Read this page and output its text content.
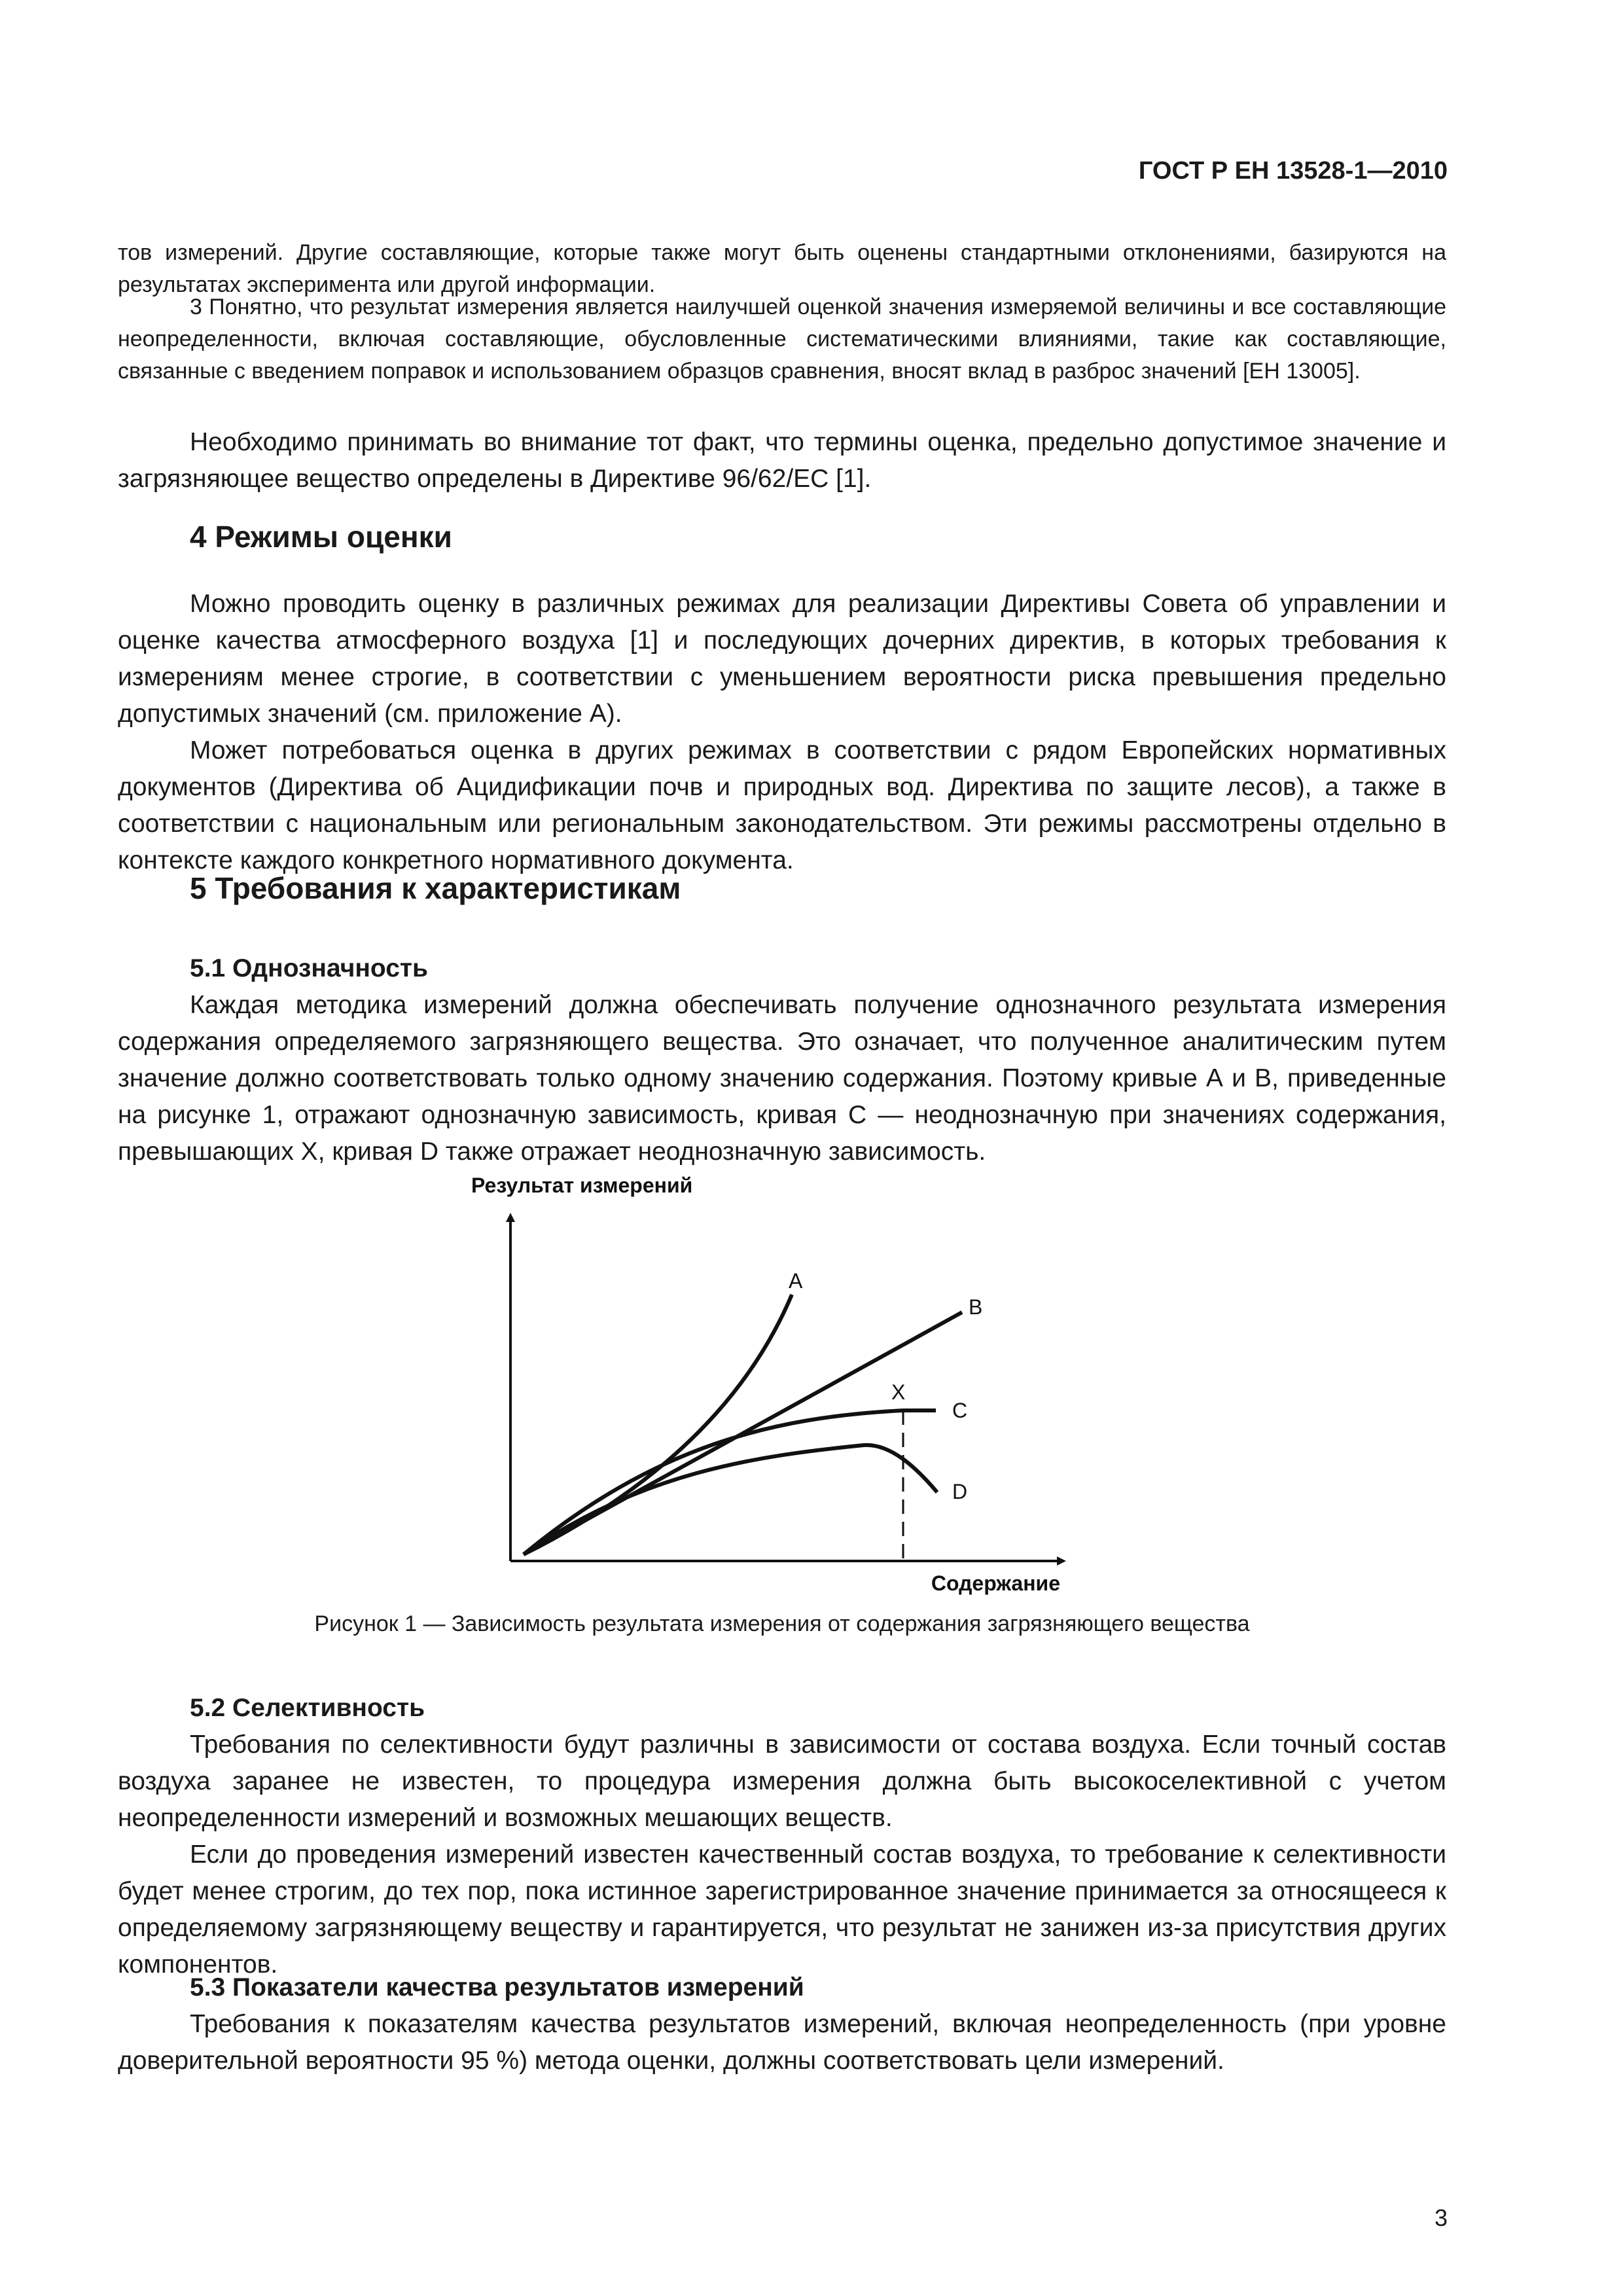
ГОСТ Р ЕН 13528-1—2010

тов измерений. Другие составляющие, которые также могут быть оценены стандартными отклонениями, базируются на результатах эксперимента или другой информации.

3 Понятно, что результат измерения является наилучшей оценкой значения измеряемой величины и все составляющие неопределенности, включая составляющие, обусловленные систематическими влияниями, такие как составляющие, связанные с введением поправок и использованием образцов сравнения, вносят вклад в разброс значений [ЕН 13005].

Необходимо принимать во внимание тот факт, что термины оценка, предельно допустимое значение и загрязняющее вещество определены в Директиве 96/62/ЕС [1].

4 Режимы оценки

Можно проводить оценку в различных режимах для реализации Директивы Совета об управлении и оценке качества атмосферного воздуха [1] и последующих дочерних директив, в которых требования к измерениям менее строгие, в соответствии с уменьшением вероятности риска превышения предельно допустимых значений (см. приложение А).

Может потребоваться оценка в других режимах в соответствии с рядом Европейских нормативных документов (Директива об Ацидификации почв и природных вод. Директива по защите лесов), а также в соответствии с национальным или региональным законодательством. Эти режимы рассмотрены отдельно в контексте каждого конкретного нормативного документа.

5 Требования к характеристикам
5.1 Однозначность

Каждая методика измерений должна обеспечивать получение однозначного результата измерения содержания определяемого загрязняющего вещества. Это означает, что полученное аналитическим путем значение должно соответствовать только одному значению содержания. Поэтому кривые А и В, приведенные на рисунке 1, отражают однозначную зависимость, кривая С — неоднозначную при значениях содержания, превышающих X, кривая D также отражает неоднозначную зависимость.

Результат измерений
A
B
X
C
D
Содержание
Рисунок 1 — Зависимость результата измерения от содержания загрязняющего вещества
5.2 Селективность

Требования по селективности будут различны в зависимости от состава воздуха. Если точный состав воздуха заранее не известен, то процедура измерения должна быть высокоселективной с учетом неопределенности измерений и возможных мешающих веществ.

Если до проведения измерений известен качественный состав воздуха, то требование к селективности будет менее строгим, до тех пор, пока истинное зарегистрированное значение принимается за относящееся к определяемому загрязняющему веществу и гарантируется, что результат не занижен из-за присутствия других компонентов.

5.3 Показатели качества результатов измерений

Требования к показателям качества результатов измерений, включая неопределенность (при уровне доверительной вероятности 95 %) метода оценки, должны соответствовать цели измерений.

3
